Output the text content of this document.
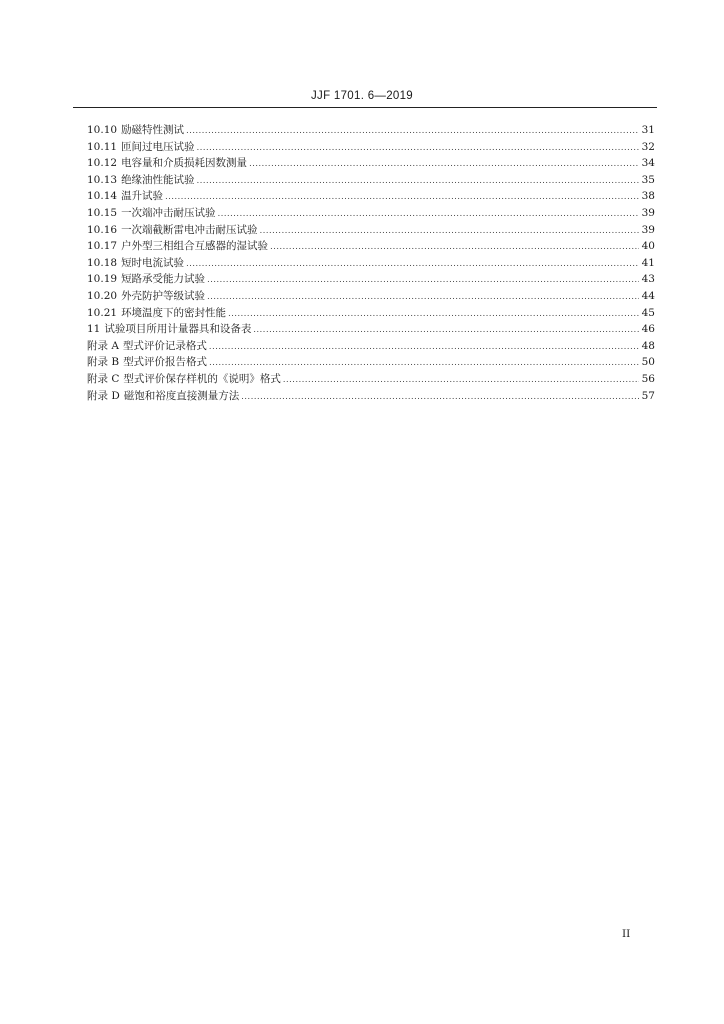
JJF 1701. 6—2019
10.10 励磁特性测试 .....	31
10.11 匝间过电压试验 .....	32
10.12 电容量和介质损耗因数测量 .....	34
10.13 绝缘油性能试验 .....	35
10.14 温升试验 .....	38
10.15 一次端冲击耐压试验 .....	39
10.16 一次端截断雷电冲击耐压试验 .....	39
10.17 户外型三相组合互感器的湿试验 .....	40
10.18 短时电流试验 .....	41
10.19 短路承受能力试验 .....	43
10.20 外壳防护等级试验 .....	44
10.21 环境温度下的密封性能 .....	45
11 试验项目所用计量器具和设备表 .....	46
附录 A 型式评价记录格式 .....	48
附录 B 型式评价报告格式 .....	50
附录 C 型式评价保存样机的《说明》格式 .....	56
附录 D 磁饱和裕度直接测量方法 .....	57
II
